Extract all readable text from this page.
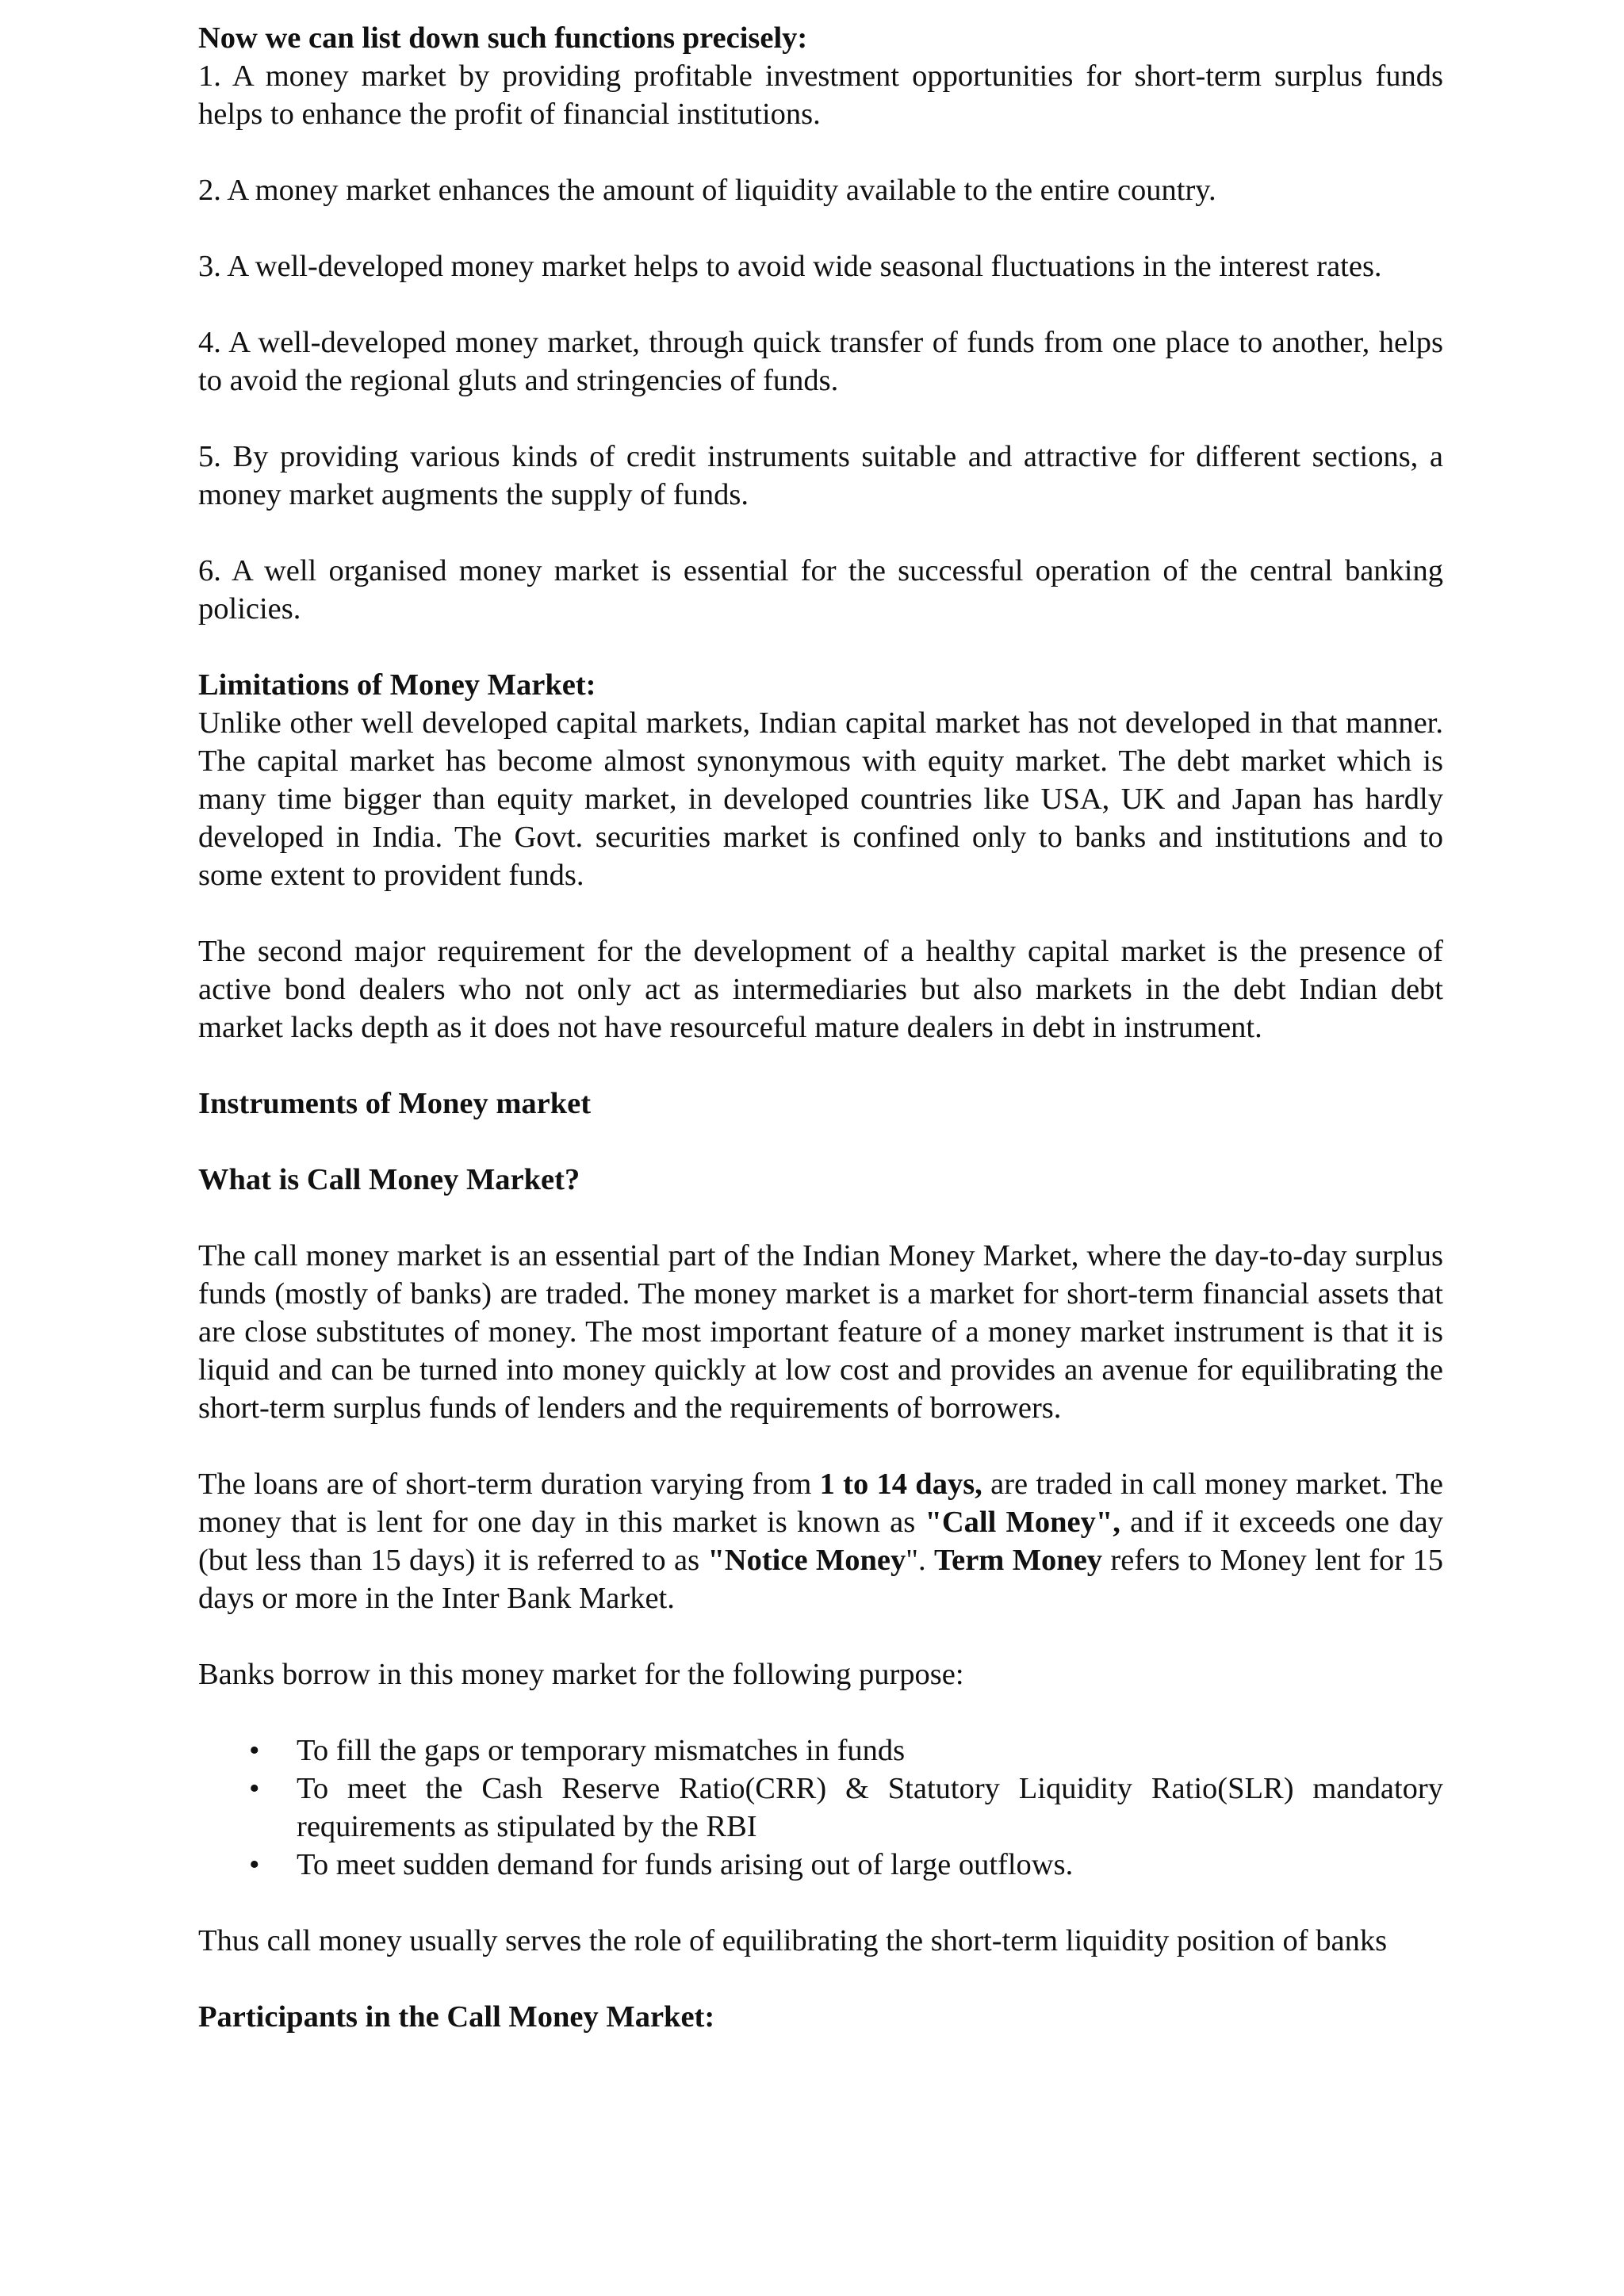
Now we can list down such functions precisely:

1. A money market by providing profitable investment opportunities for short-term surplus funds helps to enhance the profit of financial institutions.

2. A money market enhances the amount of liquidity available to the entire country.

3. A well-developed money market helps to avoid wide seasonal fluctuations in the interest rates.

4. A well-developed money market, through quick transfer of funds from one place to another, helps to avoid the regional gluts and stringencies of funds.

5. By providing various kinds of credit instruments suitable and attractive for different sections, a money market augments the supply of funds.

6. A well organised money market is essential for the successful operation of the central banking policies.

Limitations of Money Market:

Unlike other well developed capital markets, Indian capital market has not developed in that manner. The capital market has become almost synonymous with equity market. The debt market which is many time bigger than equity market, in developed countries like USA, UK and Japan has hardly developed in India. The Govt. securities market is confined only to banks and institutions and to some extent to provident funds.

The second major requirement for the development of a healthy capital market is the presence of active bond dealers who not only act as intermediaries but also markets in the debt Indian debt market lacks depth as it does not have resourceful mature dealers in debt in instrument.

Instruments of Money market

What is Call Money Market?

The call money market is an essential part of the Indian Money Market, where the day-to-day surplus funds (mostly of banks) are traded. The money market is a market for short-term financial assets that are close substitutes of money. The most important feature of a money market instrument is that it is liquid and can be turned into money quickly at low cost and provides an avenue for equilibrating the short-term surplus funds of lenders and the requirements of borrowers.

The loans are of short-term duration varying from 1 to 14 days, are traded in call money market. The money that is lent for one day in this market is known as "Call Money", and if it exceeds one day (but less than 15 days) it is referred to as "Notice Money". Term Money refers to Money lent for 15 days or more in the Inter Bank Market.

Banks borrow in this money market for the following purpose:

• To fill the gaps or temporary mismatches in funds
• To meet the Cash Reserve Ratio(CRR) & Statutory Liquidity Ratio(SLR) mandatory requirements as stipulated by the RBI
• To meet sudden demand for funds arising out of large outflows.

Thus call money usually serves the role of equilibrating the short-term liquidity position of banks

Participants in the Call Money Market:
